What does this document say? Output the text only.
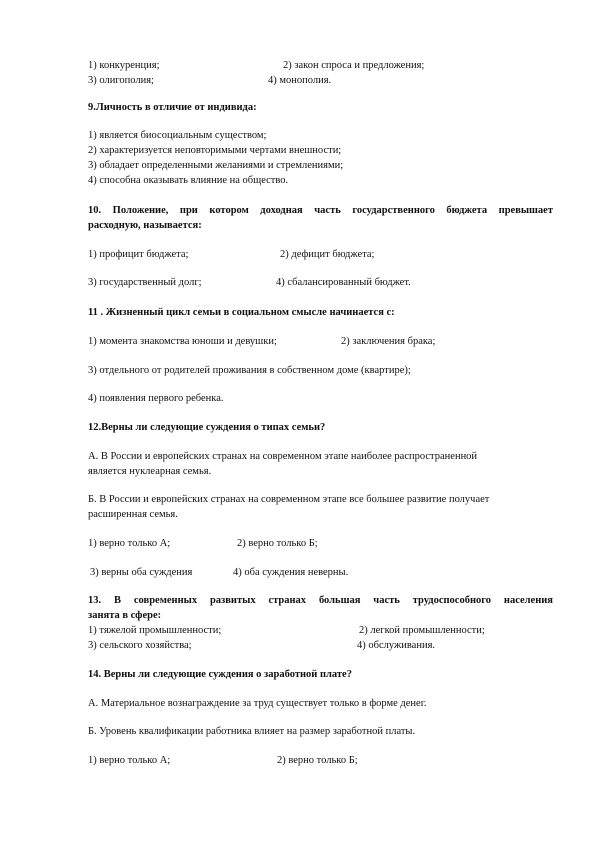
1) конкуренция;	2) закон спроса и предложения;
3) олигополия;	4) монополия.
9.Личность в отличие от индивида:
1) является биосоциальным существом;
2) характеризуется неповторимыми чертами внешности;
3) обладает определенными желаниями и стремлениями;
4) способна оказывать влияние на общество.
10. Положение, при котором доходная часть государственного бюджета превышает
расходную, называется:
1) профицит бюджета;	2) дефицит бюджета;
3) государственный долг;	4) сбалансированный бюджет.
11 . Жизненный цикл семьи в социальном смысле начинается с:
1) момента знакомства юноши и девушки;	2) заключения брака;
3) отдельного от родителей проживания в собственном доме (квартире);
4) появления первого ребенка.
12.Верны ли следующие суждения о типах семьи?
А. В России и европейских странах на современном этапе наиболее распространенной
является нуклеарная семья.
Б. В России и европейских странах на современном этапе все большее развитие получает
расширенная семья.
1) верно только А;	2) верно только Б;
3) верны оба суждения	4) оба суждения неверны.
13. В современных развитых странах большая часть трудоспособного населения
занята в сфере:
1) тяжелой промышленности;	2) легкой промышленности;
3) сельского хозяйства;	4) обслуживания.
14. Верны ли следующие суждения о заработной плате?
А. Материальное вознаграждение за труд существует только в форме денег.
Б. Уровень квалификации работника влияет на размер заработной платы.
1) верно только А;	2) верно только Б;
